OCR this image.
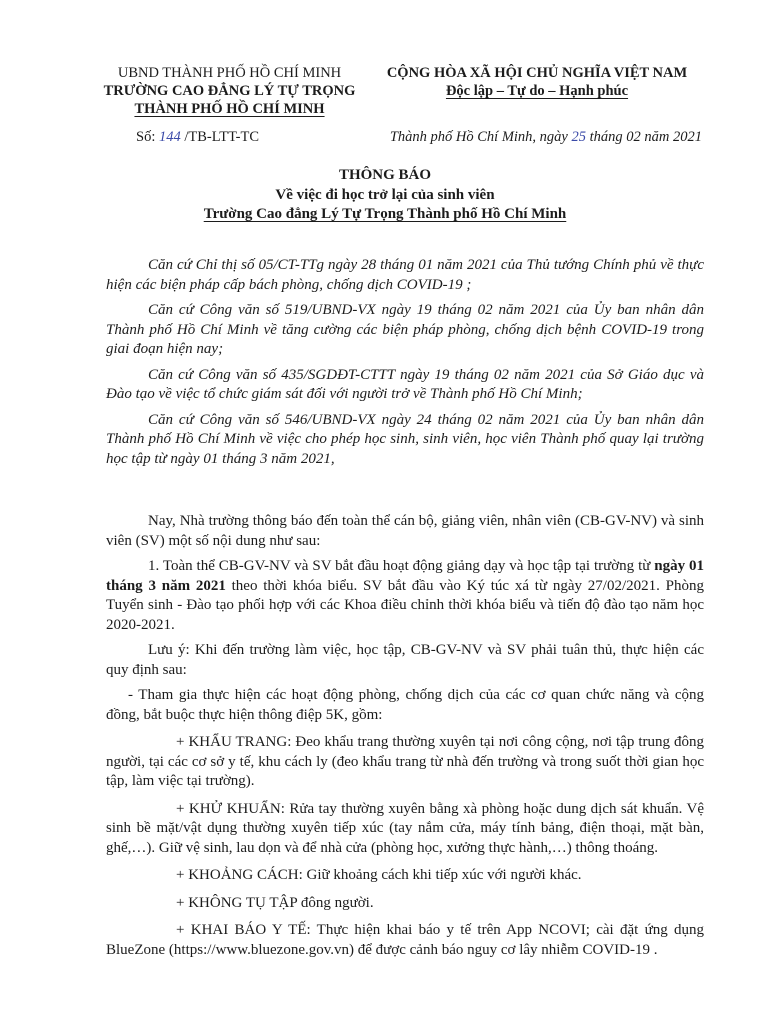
UBND THÀNH PHỐ HỒ CHÍ MINH
TRƯỜNG CAO ĐẲNG LÝ TỰ TRỌNG
THÀNH PHỐ HỒ CHÍ MINH
CỘNG HÒA XÃ HỘI CHỦ NGHĨA VIỆT NAM
Độc lập – Tự do – Hạnh phúc
Số: 144 /TB-LTT-TC	Thành phố Hồ Chí Minh, ngày 25 tháng 02 năm 2021
THÔNG BÁO
Về việc đi học trở lại của sinh viên
Trường Cao đẳng Lý Tự Trọng Thành phố Hồ Chí Minh

Căn cứ Chỉ thị số 05/CT-TTg ngày 28 tháng 01 năm 2021 của Thủ tướng Chính phủ về thực hiện các biện pháp cấp bách phòng, chống dịch COVID-19 ;

Căn cứ Công văn số 519/UBND-VX ngày 19 tháng 02 năm 2021 của Ủy ban nhân dân Thành phố Hồ Chí Minh về tăng cường các biện pháp phòng, chống dịch bệnh COVID-19 trong giai đoạn hiện nay;

Căn cứ Công văn số 435/SGDĐT-CTTT ngày 19 tháng 02 năm 2021 của Sở Giáo dục và Đào tạo về việc tổ chức giám sát đối với người trở về Thành phố Hồ Chí Minh;

Căn cứ Công văn số 546/UBND-VX ngày 24 tháng 02 năm 2021 của Ủy ban nhân dân Thành phố Hồ Chí Minh về việc cho phép học sinh, sinh viên, học viên Thành phố quay lại trường học tập từ ngày 01 tháng 3 năm 2021,

Nay, Nhà trường thông báo đến toàn thể cán bộ, giảng viên, nhân viên (CB-GV-NV) và sinh viên (SV) một số nội dung như sau:

1. Toàn thể CB-GV-NV và SV bắt đầu hoạt động giảng dạy và học tập tại trường từ ngày 01 tháng 3 năm 2021 theo thời khóa biểu. SV bắt đầu vào Ký túc xá từ ngày 27/02/2021. Phòng Tuyển sinh - Đào tạo phối hợp với các Khoa điều chỉnh thời khóa biểu và tiến độ đào tạo năm học 2020-2021.

Lưu ý: Khi đến trường làm việc, học tập, CB-GV-NV và SV phải tuân thủ, thực hiện các quy định sau:

- Tham gia thực hiện các hoạt động phòng, chống dịch của các cơ quan chức năng và cộng đồng, bắt buộc thực hiện thông điệp 5K, gồm:

+ KHẨU TRANG: Đeo khẩu trang thường xuyên tại nơi công cộng, nơi tập trung đông người, tại các cơ sở y tế, khu cách ly (đeo khẩu trang từ nhà đến trường và trong suốt thời gian học tập, làm việc tại trường).

+ KHỬ KHUẨN: Rửa tay thường xuyên bằng xà phòng hoặc dung dịch sát khuẩn. Vệ sinh bề mặt/vật dụng thường xuyên tiếp xúc (tay nắm cửa, máy tính bảng, điện thoại, mặt bàn, ghế,…). Giữ vệ sinh, lau dọn và để nhà cửa (phòng học, xưởng thực hành,…) thông thoáng.

+ KHOẢNG CÁCH: Giữ khoảng cách khi tiếp xúc với người khác.

+ KHÔNG TỤ TẬP đông người.

+ KHAI BÁO Y TẾ: Thực hiện khai báo y tế trên App NCOVI; cài đặt ứng dụng BlueZone (https://www.bluezone.gov.vn) để được cảnh báo nguy cơ lây nhiễm COVID-19 .
